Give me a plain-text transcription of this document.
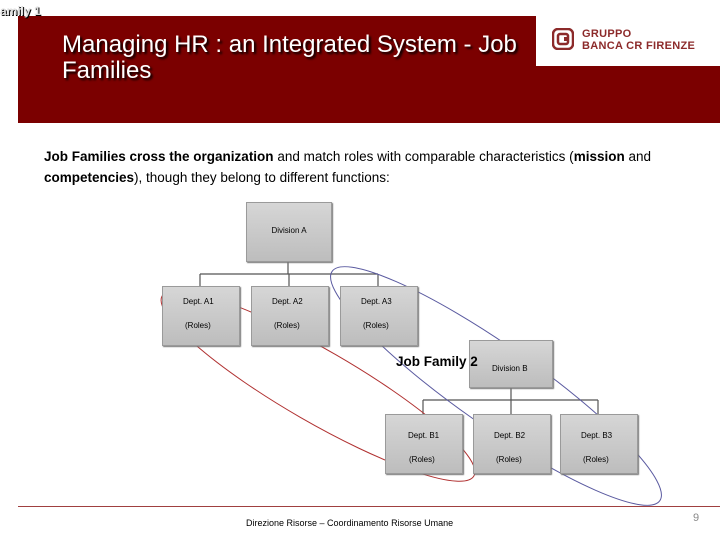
amily 1
Managing HR : an Integrated System - Job Families
GRUPPO
BANCA CR FIRENZE
Job Families cross the organization and match roles with comparable characteristics (mission and competencies), though they belong to different functions:
Division A
Dept. A1	Dept. A2	Dept. A3
(Roles)	(Roles)	(Roles)
Job Family 2 Division B
Dept. B1	Dept. B2	Dept. B3
(Roles)	(Roles)	(Roles)
Direzione Risorse – Coordinamento Risorse Umane	9
